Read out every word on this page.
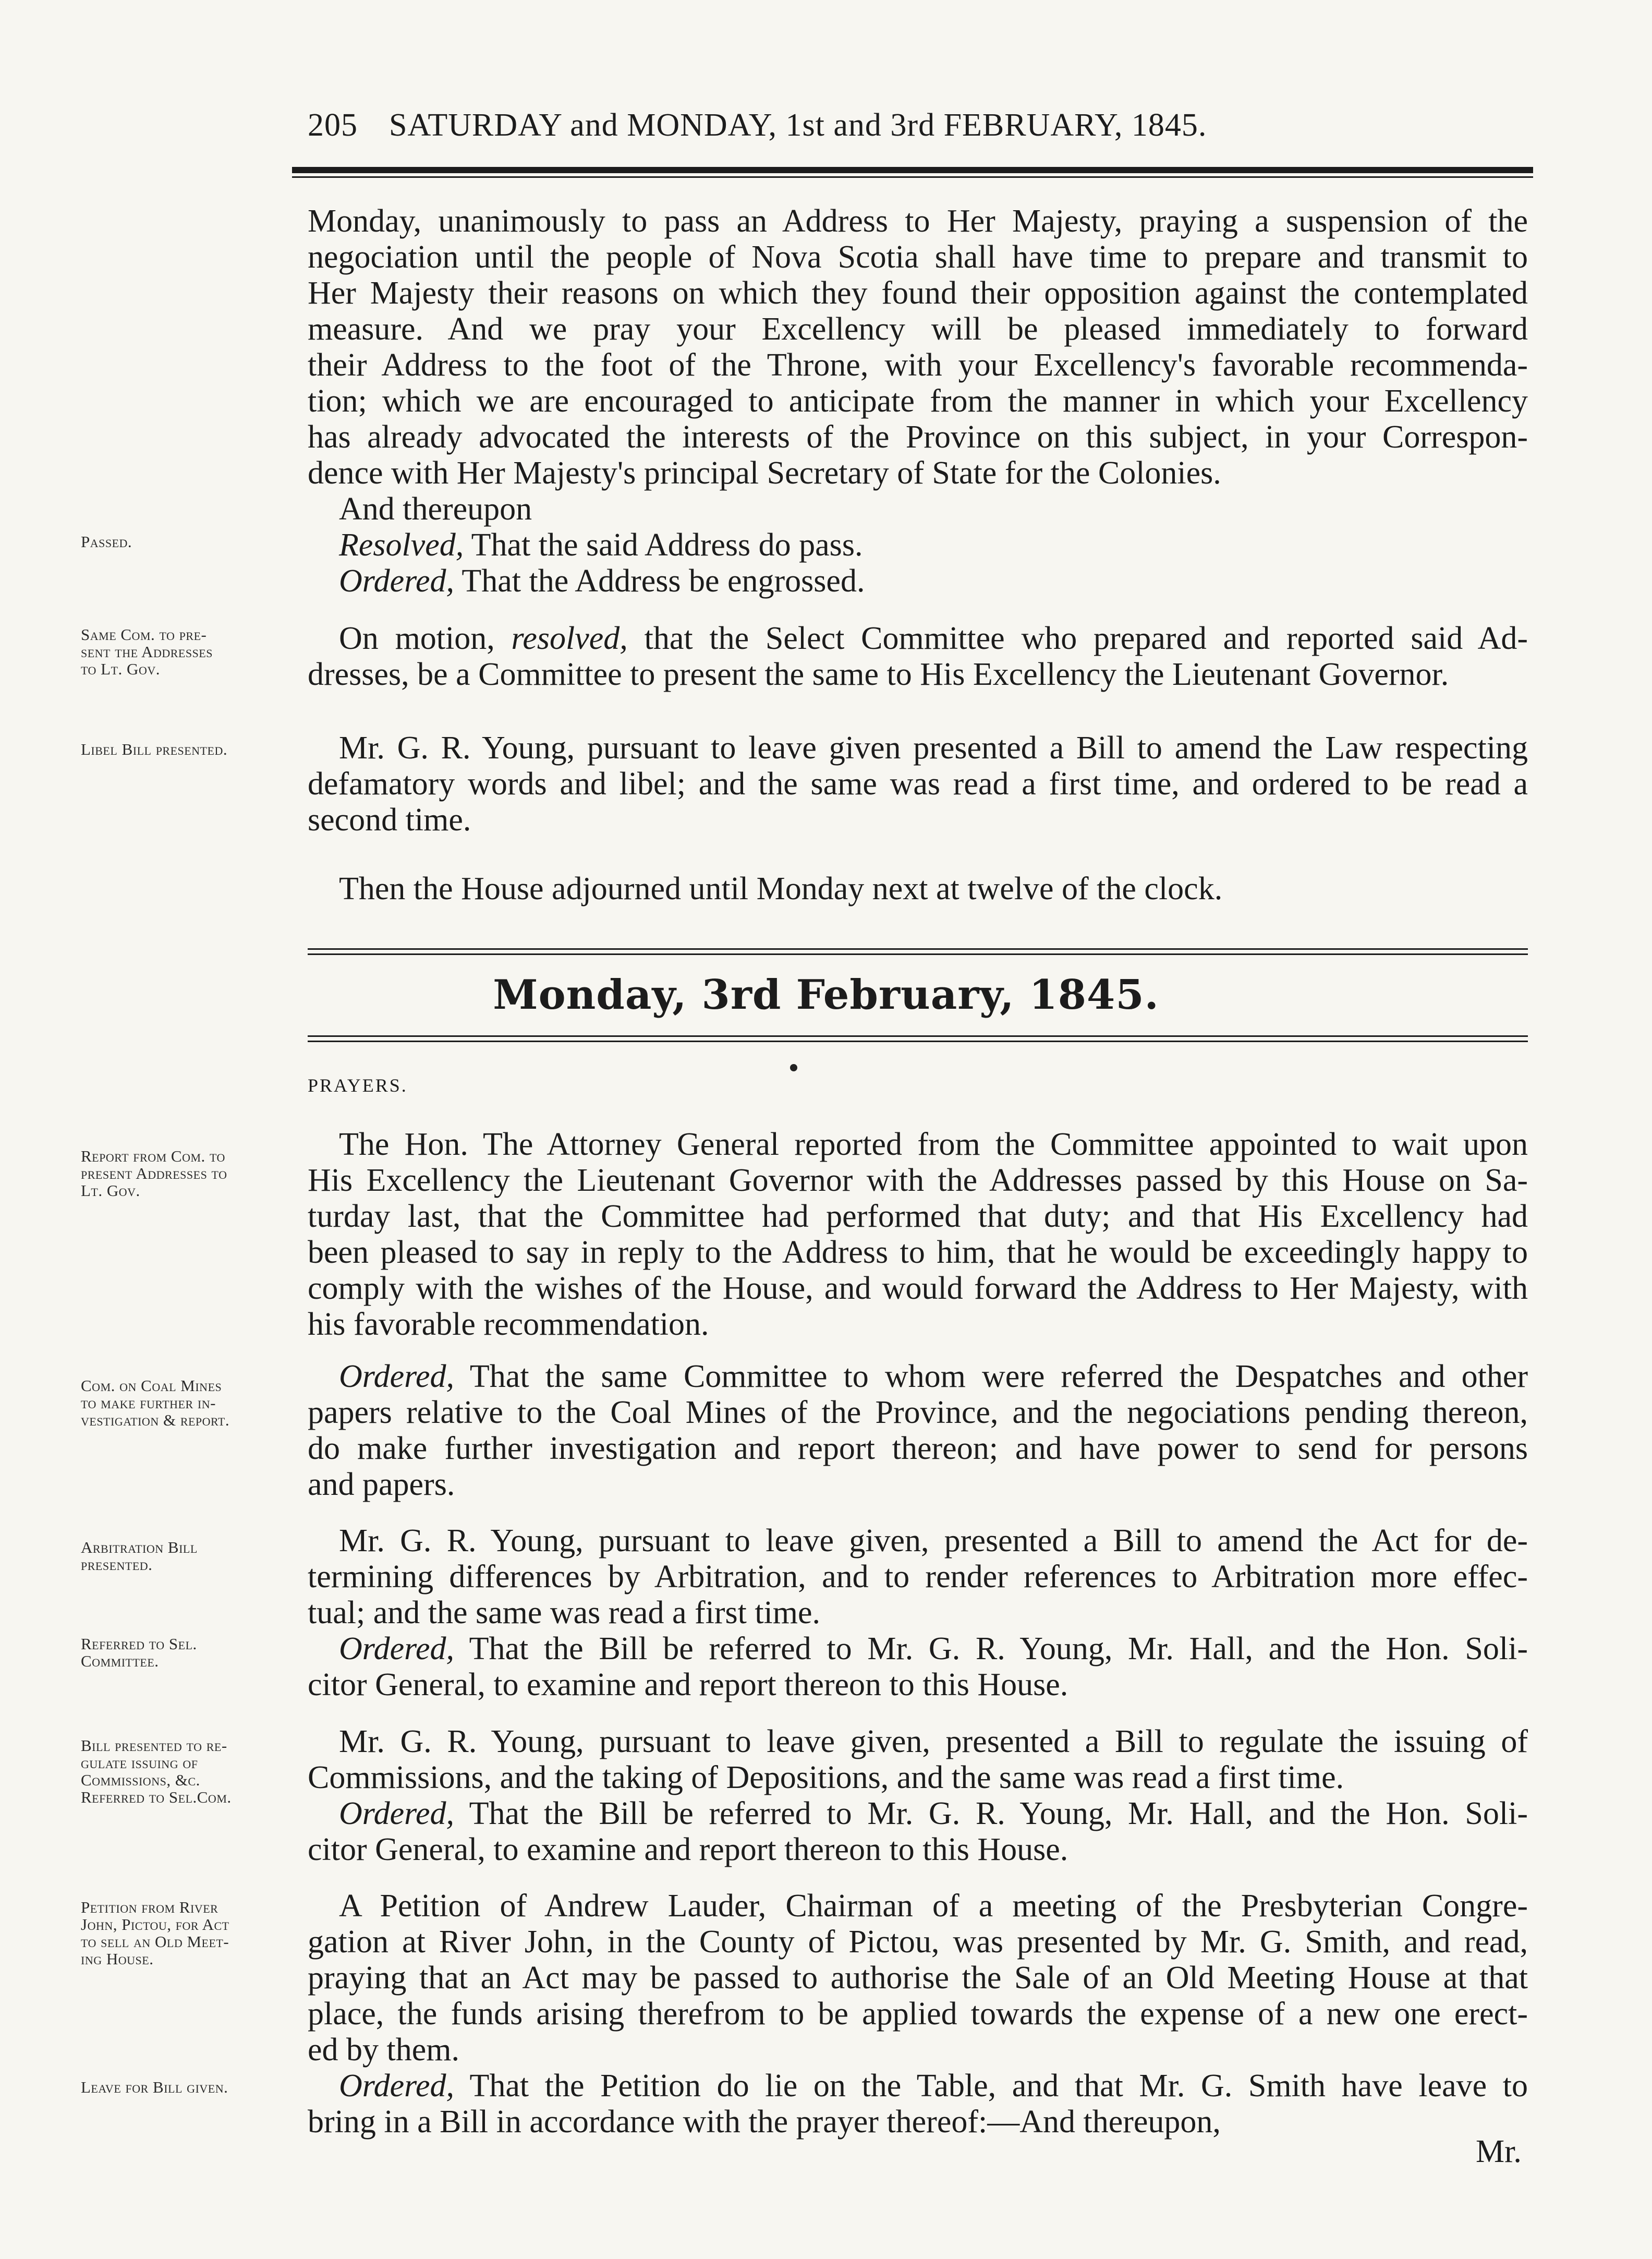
205 SATURDAY and MONDAY, 1st and 3rd FEBRUARY, 1845.
Monday, unanimously to pass an Address to Her Majesty, praying a suspension of the
negociation until the people of Nova Scotia shall have time to prepare and transmit to
Her Majesty their reasons on which they found their opposition against the contemplated
measure. And we pray your Excellency will be pleased immediately to forward
their Address to the foot of the Throne, with your Excellency's favorable recommenda-
tion; which we are encouraged to anticipate from the manner in which your Excellency
has already advocated the interests of the Province on this subject, in your Correspon-
dence with Her Majesty's principal Secretary of State for the Colonies.
And thereupon
Resolved, That the said Address do pass.
Ordered, That the Address be engrossed.
Passed.
Same Com. to pre-
sent the Addresses
to Lt. Gov.
On motion, resolved, that the Select Committee who prepared and reported said Ad-
dresses, be a Committee to present the same to His Excellency the Lieutenant Governor.
Libel Bill presented.	Mr. G. R. Young, pursuant to leave given presented a Bill to amend the Law respecting
defamatory words and libel; and the same was read a first time, and ordered to be read a
second time.
Then the House adjourned until Monday next at twelve of the clock.
Monday, 3rd February, 1845.
PRAYERS.
Report from Com. to
present Addresses to
Lt. Gov.
The Hon. The Attorney General reported from the Committee appointed to wait upon
His Excellency the Lieutenant Governor with the Addresses passed by this House on Sa-
turday last, that the Committee had performed that duty; and that His Excellency had
been pleased to say in reply to the Address to him, that he would be exceedingly happy to
comply with the wishes of the House, and would forward the Address to Her Majesty, with
his favorable recommendation.
Com. on Coal Mines
to make further in-
vestigation & report.
Ordered, That the same Committee to whom were referred the Despatches and other
papers relative to the Coal Mines of the Province, and the negociations pending thereon,
do make further investigation and report thereon; and have power to send for persons
and papers.
Arbitration Bill
presented.
Mr. G. R. Young, pursuant to leave given, presented a Bill to amend the Act for de-
termining differences by Arbitration, and to render references to Arbitration more effec-
tual; and the same was read a first time.
Referred to Sel.
Committee.	Ordered, That the Bill be referred to Mr. G. R. Young, Mr. Hall, and the Hon. Soli-
citor General, to examine and report thereon to this House.
Bill presented to re-
gulate issuing of
Commissions, &c.
Referred to Sel.Com.
Mr. G. R. Young, pursuant to leave given, presented a Bill to regulate the issuing of
Commissions, and the taking of Depositions, and the same was read a first time.
Ordered, That the Bill be referred to Mr. G. R. Young, Mr. Hall, and the Hon. Soli-
citor General, to examine and report thereon to this House.
Petition from River
John, Pictou, for Act
to sell an Old Meet-
ing House.
A Petition of Andrew Lauder, Chairman of a meeting of the Presbyterian Congre-
gation at River John, in the County of Pictou, was presented by Mr. G. Smith, and read,
praying that an Act may be passed to authorise the Sale of an Old Meeting House at that
place, the funds arising therefrom to be applied towards the expense of a new one erect-
ed by them.
Leave for Bill given.	Ordered, That the Petition do lie on the Table, and that Mr. G. Smith have leave to
bring in a Bill in accordance with the prayer thereof:—And thereupon,
Mr.
